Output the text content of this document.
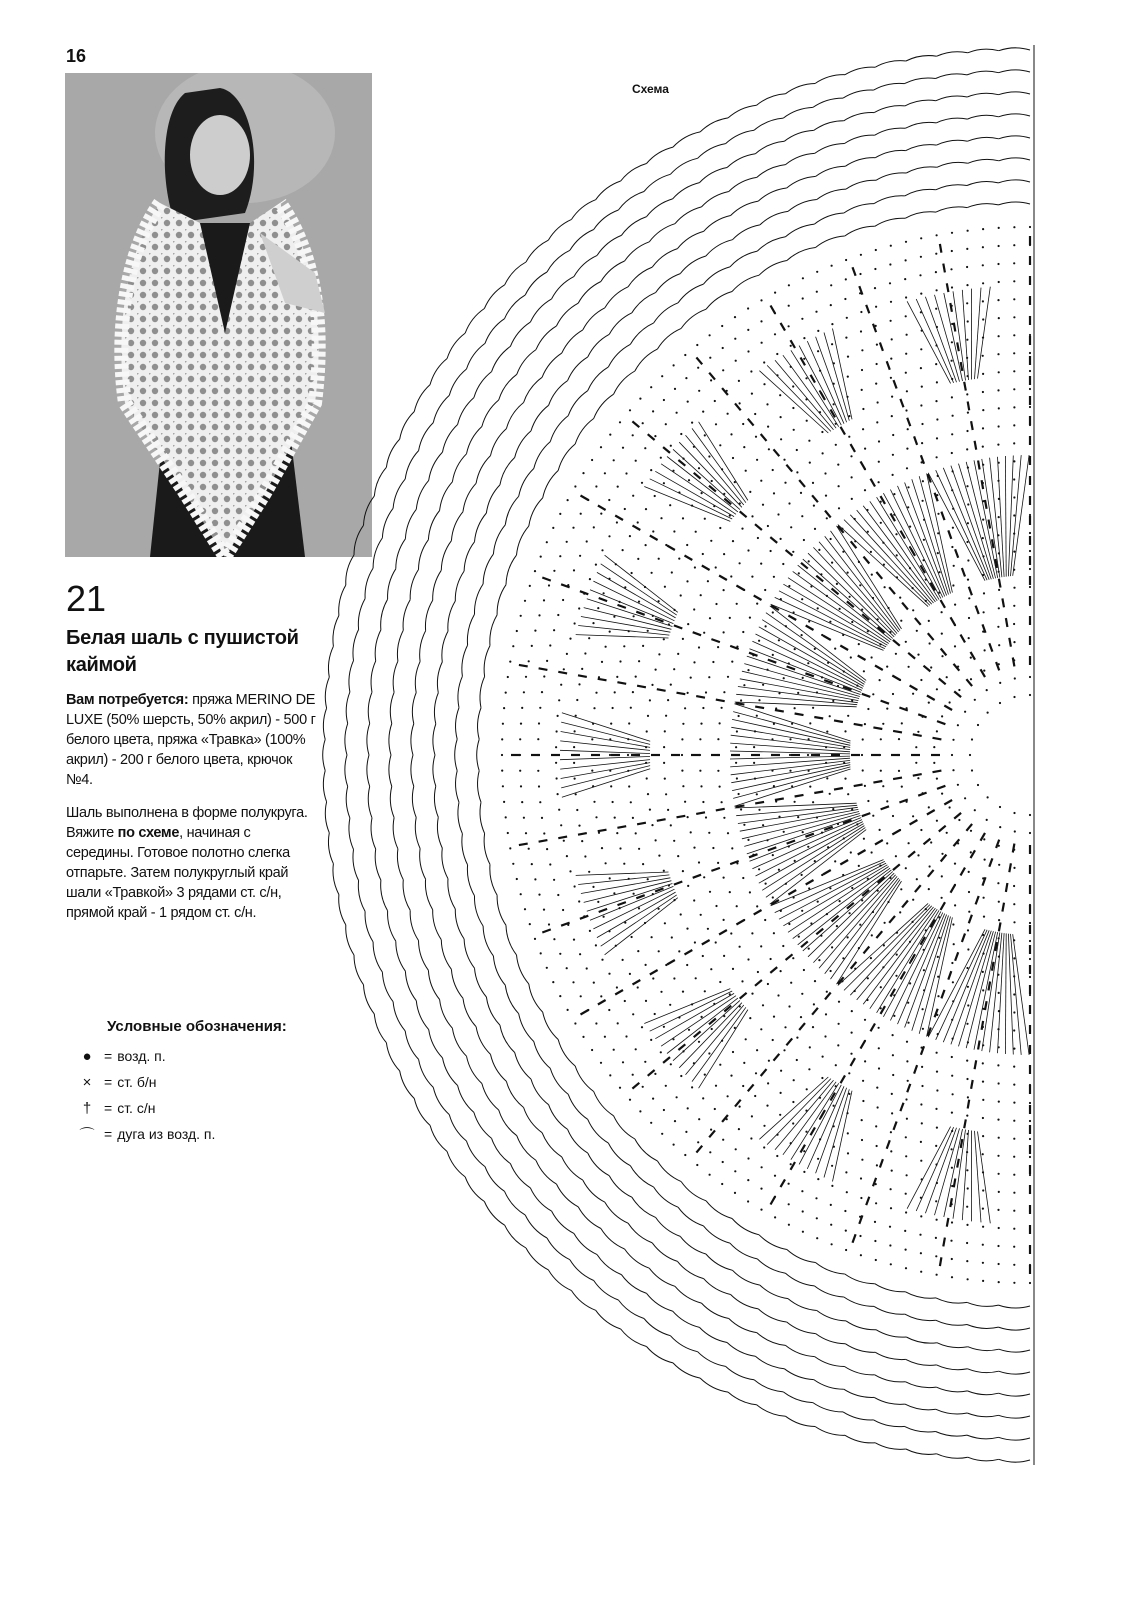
16
21
Белая шаль с пушистой каймой
Вам потребуется: пряжа MERINO DE LUXE (50% шерсть, 50% акрил) - 500 г белого цвета, пряжа «Травка» (100% акрил) - 200 г белого цвета, крючок №4.
Шаль выполнена в форме полукруга. Вяжите по схеме, начиная с середины. Готовое полотно слегка отпарьте. Затем полукруглый край шали «Травкой» 3 рядами ст. с/н, прямой край - 1 рядом ст. с/н.
Условные обозначения:
● = возд. п.
× = ст. б/н
† = ст. с/н
⌒ = дуга из возд. п.
Схема
